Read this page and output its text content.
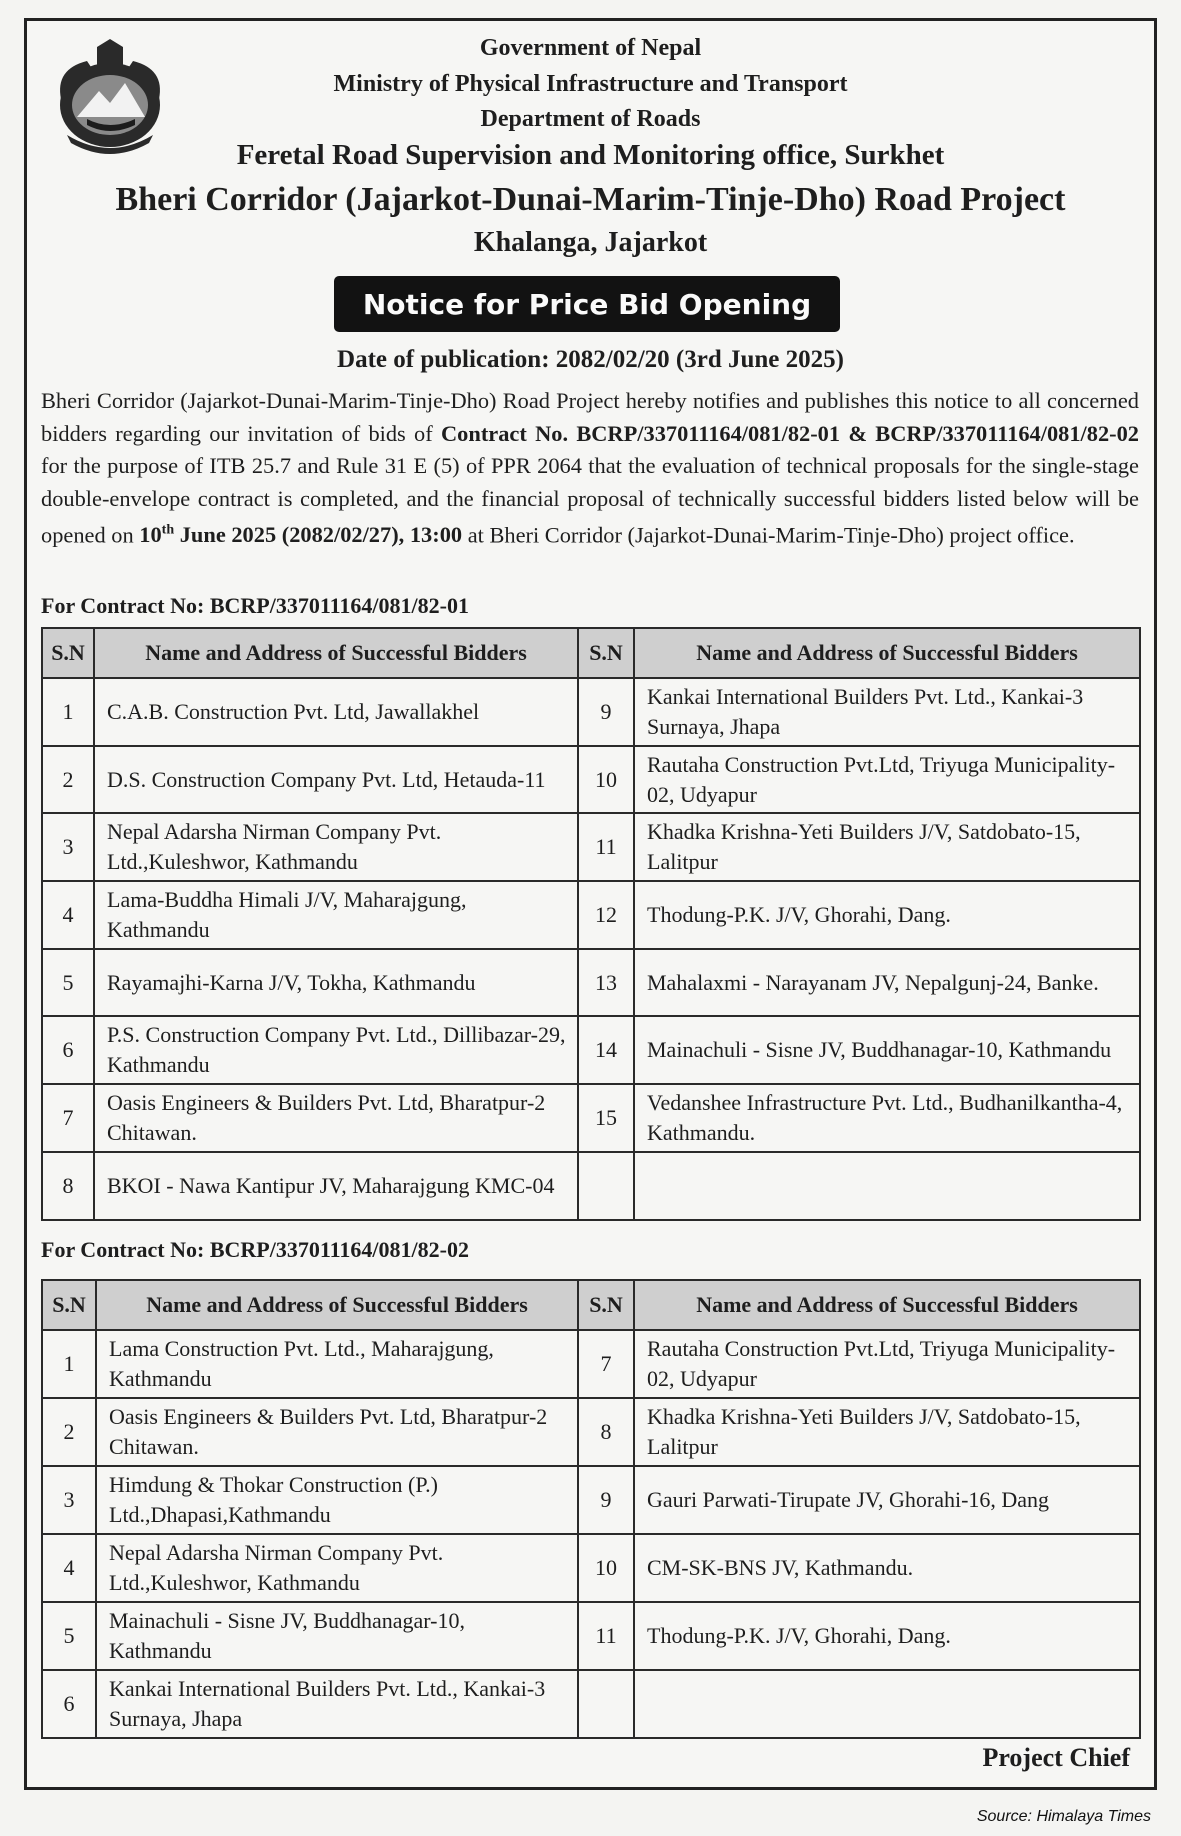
Government of Nepal
Ministry of Physical Infrastructure and Transport
Department of Roads
Feretal Road Supervision and Monitoring office, Surkhet
Bheri Corridor (Jajarkot-Dunai-Marim-Tinje-Dho) Road Project
Khalanga, Jajarkot
Notice for Price Bid Opening
Date of publication: 2082/02/20 (3rd June 2025)
Bheri Corridor (Jajarkot-Dunai-Marim-Tinje-Dho) Road Project hereby notifies and publishes this notice to all concerned bidders regarding our invitation of bids of Contract No. BCRP/337011164/081/82-01 & BCRP/337011164/081/82-02 for the purpose of ITB 25.7 and Rule 31 E (5) of PPR 2064 that the evaluation of technical proposals for the single-stage double-envelope contract is completed, and the financial proposal of technically successful bidders listed below will be opened on 10th June 2025 (2082/02/27), 13:00 at Bheri Corridor (Jajarkot-Dunai-Marim-Tinje-Dho) project office.
For Contract No: BCRP/337011164/081/82-01
S.N	Name and Address of Successful Bidders	S.N	Name and Address of Successful Bidders
1	C.A.B. Construction Pvt. Ltd, Jawallakhel	9	Kankai International Builders Pvt. Ltd., Kankai-3 Surnaya, Jhapa
2	D.S. Construction Company Pvt. Ltd, Hetauda-11	10	Rautaha Construction Pvt.Ltd, Triyuga Municipality-02, Udyapur
3	Nepal Adarsha Nirman Company Pvt. Ltd.,Kuleshwor, Kathmandu	11	Khadka Krishna-Yeti Builders J/V, Satdobato-15, Lalitpur
4	Lama-Buddha Himali J/V, Maharajgung, Kathmandu	12	Thodung-P.K. J/V, Ghorahi, Dang.
5	Rayamajhi-Karna J/V, Tokha, Kathmandu	13	Mahalaxmi - Narayanam JV, Nepalgunj-24, Banke.
6	P.S. Construction Company Pvt. Ltd., Dillibazar-29, Kathmandu	14	Mainachuli - Sisne JV, Buddhanagar-10, Kathmandu
7	Oasis Engineers & Builders Pvt. Ltd, Bharatpur-2 Chitawan.	15	Vedanshee Infrastructure Pvt. Ltd., Budhanilkantha-4, Kathmandu.
8	BKOI - Nawa Kantipur JV, Maharajgung KMC-04		
For Contract No: BCRP/337011164/081/82-02
S.N	Name and Address of Successful Bidders	S.N	Name and Address of Successful Bidders
1	Lama Construction Pvt. Ltd., Maharajgung, Kathmandu	7	Rautaha Construction Pvt.Ltd, Triyuga Municipality-02, Udyapur
2	Oasis Engineers & Builders Pvt. Ltd, Bharatpur-2 Chitawan.	8	Khadka Krishna-Yeti Builders J/V, Satdobato-15, Lalitpur
3	Himdung & Thokar Construction (P.) Ltd.,Dhapasi,Kathmandu	9	Gauri Parwati-Tirupate JV, Ghorahi-16, Dang
4	Nepal Adarsha Nirman Company Pvt. Ltd.,Kuleshwor, Kathmandu	10	CM-SK-BNS JV, Kathmandu.
5	Mainachuli - Sisne JV, Buddhanagar-10, Kathmandu	11	Thodung-P.K. J/V, Ghorahi, Dang.
6	Kankai International Builders Pvt. Ltd., Kankai-3 Surnaya, Jhapa		
Project Chief
Source: Himalaya Times
